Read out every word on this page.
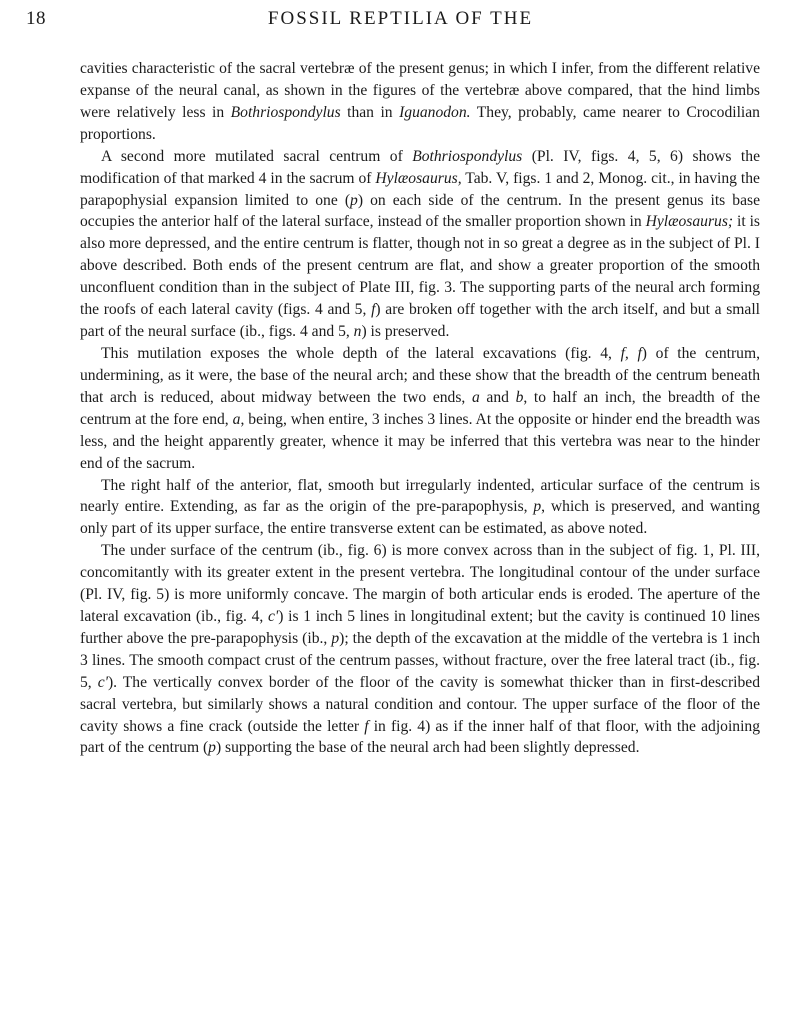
18	FOSSIL REPTILIA OF THE

cavities characteristic of the sacral vertebræ of the present genus; in which I infer, from the different relative expanse of the neural canal, as shown in the figures of the vertebræ above compared, that the hind limbs were relatively less in Bothriospondylus than in Iguanodon. They, probably, came nearer to Crocodilian proportions.

A second more mutilated sacral centrum of Bothriospondylus (Pl. IV, figs. 4, 5, 6) shows the modification of that marked 4 in the sacrum of Hylæosaurus, Tab. V, figs. 1 and 2, Monog. cit., in having the parapophysial expansion limited to one (p) on each side of the centrum. In the present genus its base occupies the anterior half of the lateral surface, instead of the smaller proportion shown in Hylæosaurus; it is also more depressed, and the entire centrum is flatter, though not in so great a degree as in the subject of Pl. I above described. Both ends of the present centrum are flat, and show a greater proportion of the smooth unconfluent condition than in the subject of Plate III, fig. 3. The supporting parts of the neural arch forming the roofs of each lateral cavity (figs. 4 and 5, f) are broken off together with the arch itself, and but a small part of the neural surface (ib., figs. 4 and 5, n) is preserved.

This mutilation exposes the whole depth of the lateral excavations (fig. 4, f, f) of the centrum, undermining, as it were, the base of the neural arch; and these show that the breadth of the centrum beneath that arch is reduced, about midway between the two ends, a and b, to half an inch, the breadth of the centrum at the fore end, a, being, when entire, 3 inches 3 lines. At the opposite or hinder end the breadth was less, and the height apparently greater, whence it may be inferred that this vertebra was near to the hinder end of the sacrum.

The right half of the anterior, flat, smooth but irregularly indented, articular surface of the centrum is nearly entire. Extending, as far as the origin of the pre-parapophysis, p, which is preserved, and wanting only part of its upper surface, the entire transverse extent can be estimated, as above noted.

The under surface of the centrum (ib., fig. 6) is more convex across than in the subject of fig. 1, Pl. III, concomitantly with its greater extent in the present vertebra. The longitudinal contour of the under surface (Pl. IV, fig. 5) is more uniformly concave. The margin of both articular ends is eroded. The aperture of the lateral excavation (ib., fig. 4, c') is 1 inch 5 lines in longitudinal extent; but the cavity is continued 10 lines further above the pre-parapophysis (ib., p); the depth of the excavation at the middle of the vertebra is 1 inch 3 lines. The smooth compact crust of the centrum passes, without fracture, over the free lateral tract (ib., fig. 5, c'). The vertically convex border of the floor of the cavity is somewhat thicker than in first-described sacral vertebra, but similarly shows a natural condition and contour. The upper surface of the floor of the cavity shows a fine crack (outside the letter f in fig. 4) as if the inner half of that floor, with the adjoining part of the centrum (p) supporting the base of the neural arch had been slightly depressed.
